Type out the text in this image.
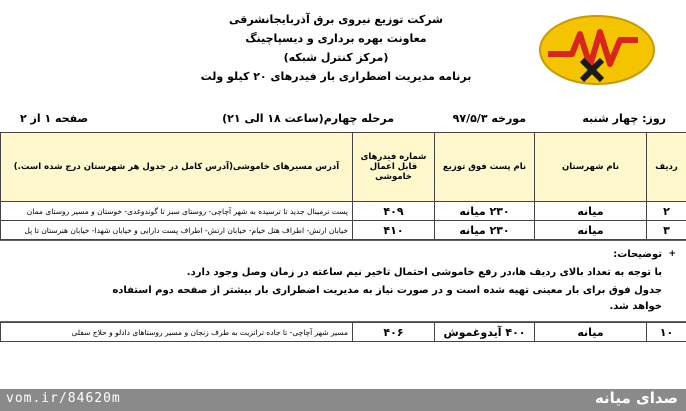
شرکت توزیع نیروی برق آذربایجانشرقی
معاونت بهره برداری و دیسپاچینگ
(مرکز کنترل شبکه)
برنامه مدیریت اضطراری بار فیدرهای ۲۰ کیلو ولت
روز: چهار شنبه
مورخه ۹۷/۵/۳
مرحله چهارم(ساعت ۱۸ الی ۲۱)
صفحه ۱ از ۲
ردیف	نام شهرستان	نام پست فوق توزیع	شماره فیدرهای قابل اعمال خاموشی	آدرس مسیرهای خاموشی(آدرس کامل در جدول هر شهرستان درج شده است.)
۲	میانه	۲۳۰ میانه	۴۰۹	پست ترمینال جدید تا ترسیده به شهر آچاچی- روستای سبز تا گوندوغدی- خوستان و مسیر روستای ممان
۳	میانه	۲۳۰ میانه	۴۱۰	خیابان ارتش- اطراف هتل خیام- خیابان ارتش- اطراف پست دارایی و خیابان شهدا- خیابان هنرستان تا پل
+
توضیحات:
با توجه به تعداد بالای ردیف ها،در رفع خاموشی احتمال تاخیر نیم ساعته در زمان وصل وجود دارد.
جدول فوق برای بار معینی تهیه شده است و در صورت نیاز به مدیریت اضطراری بار بیشتر از صفحه دوم استفاده
خواهد شد.
۱۰	میانه	۴۰۰ آیدوغموش	۴۰۶	مسیر شهر آچاچی- تا جاده ترانزیت به طرف زنجان و مسیر روستاهای دادلو و حلاج سفلی
vom.ir/84620m	صدای میانه
